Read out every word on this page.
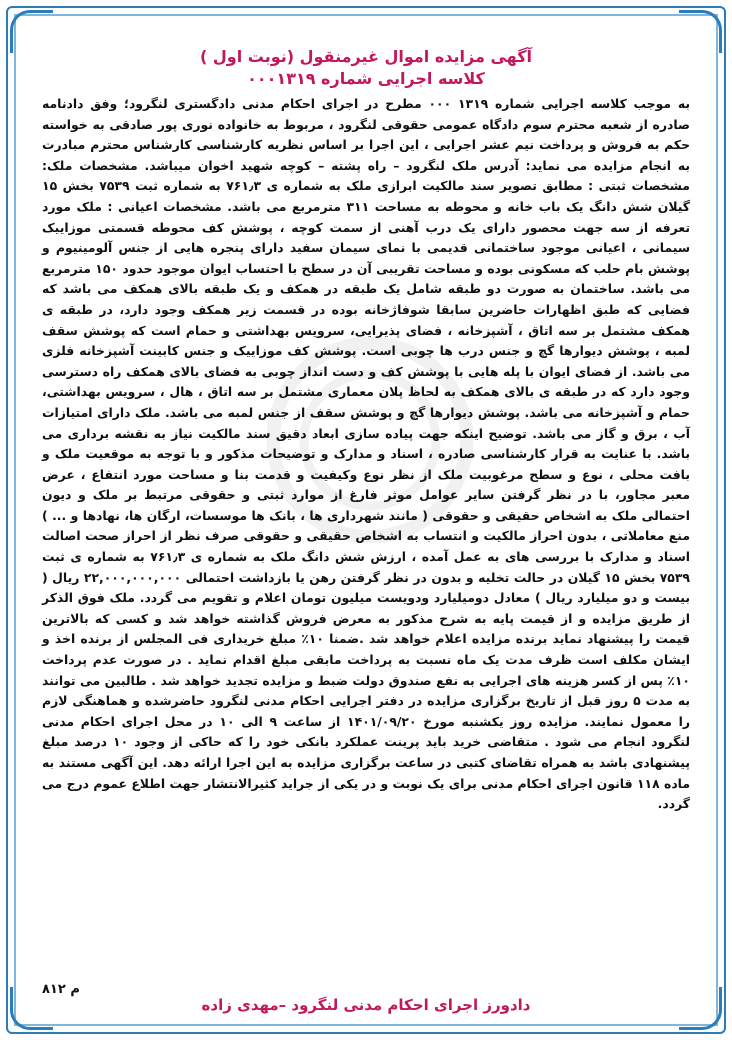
آگهی مزایده اموال غیرمنقول (نوبت اول )

کلاسه اجرایی شماره ۰۰۰۱۳۱۹

به موجب کلاسه اجرایی شماره ۱۳۱۹ ۰۰۰ مطرح در اجرای احکام مدنی دادگستری لنگرود؛ وفق دادنامه صادره از شعبه محترم سوم دادگاه عمومی حقوقی لنگرود ، مربوط به خانواده نوری پور صادقی به خواسته حکم به فروش و پرداخت نیم عشر اجرایی ، این اجرا بر اساس نظریه کارشناسی کارشناس محترم مبادرت به انجام مزایده می نماید: آدرس ملک لنگرود – راه پشته – کوچه شهید اخوان میباشد. مشخصات ملک: مشخصات ثبتی : مطابق تصویر سند مالکیت ابرازی ملک به شماره ی ۷۶۱٫۳ به شماره ثبت ۷۵۳۹ بخش ۱۵ گیلان شش دانگ یک باب خانه و محوطه به مساحت ۳۱۱ مترمربع می باشد. مشخصات اعیانی : ملک مورد تعرفه از سه جهت محصور دارای یک درب آهنی از سمت کوچه ، پوشش کف محوطه قسمتی موزاییک سیمانی ، اعیانی موجود ساختمانی قدیمی با نمای سیمان سفید دارای پنجره هایی از جنس آلومینیوم و پوشش بام حلب که مسکونی بوده و مساحت تقریبی آن در سطح با احتساب ایوان موجود حدود ۱۵۰ مترمربع می باشد. ساختمان به صورت دو طبقه شامل یک طبقه در همکف و یک طبقه بالای همکف می باشد که فضایی که طبق اظهارات حاضرین سابقا شوفاژخانه بوده در قسمت زیر همکف وجود دارد، در طبقه ی همکف مشتمل بر سه اتاق ، آشپزخانه ، فضای پذیرایی، سرویس بهداشتی و حمام است که پوشش سقف لمبه ، پوشش دیوارها گچ و جنس درب ها چوبی است. پوشش کف موزاییک و جنس کابینت آشپزخانه فلزی می باشد. از فضای ایوان با پله هایی با پوشش کف و دست انداز چوبی به فضای بالای همکف راه دسترسی وجود دارد که در طبقه ی بالای همکف به لحاظ پلان معماری مشتمل بر سه اتاق ، هال ، سرویس بهداشتی، حمام و آشپزخانه می باشد. پوشش دیوارها گچ و پوشش سقف از جنس لمبه می باشد. ملک دارای امتیازات آب ، برق و گاز می باشد. توضیح اینکه جهت پیاده سازی ابعاد دقیق سند مالکیت نیاز به نقشه برداری می باشد. با عنایت به قرار کارشناسی صادره ، اسناد و مدارک و توضیحات مذکور و با توجه به موقعیت ملک و بافت محلی ، نوع و سطح مرغوبیت ملک از نظر نوع وکیفیت و قدمت بنا و مساحت مورد انتفاع ، عرض معبر مجاور، با در نظر گرفتن سایر عوامل موثر فارغ از موارد ثبتی و حقوقی مرتبط بر ملک و دیون احتمالی ملک به اشخاص حقیقی و حقوقی ( مانند شهرداری ها ، بانک ها موسسات، ارگان ها، نهادها و ... ) منع معاملاتی ، بدون احراز مالکیت و انتساب به اشخاص حقیقی و حقوقی صرف نظر از احراز صحت اصالت اسناد و مدارک با بررسی های به عمل آمده ، ارزش شش دانگ ملک به شماره ی ۷۶۱٫۳ به شماره ی ثبت ۷۵۳۹ بخش ۱۵ گیلان در حالت تخلیه و بدون در نظر گرفتن رهن یا بازداشت احتمالی ۲۲,۰۰۰,۰۰۰,۰۰۰ ریال ( بیست و دو میلیارد ریال ) معادل دومیلیارد ودویست میلیون تومان اعلام و تقویم می گردد. ملک فوق الذکر از طریق مزایده و از قیمت پایه به شرح مذکور به معرض فروش گذاشته خواهد شد و کسی که بالاترین قیمت را پیشنهاد نماید برنده مزایده اعلام خواهد شد .ضمنا ۱۰٪ مبلغ خریداری فی المجلس از برنده اخذ و ایشان مکلف است ظرف مدت یک ماه نسبت به پرداخت مابقی مبلغ اقدام نماید . در صورت عدم پرداخت ۱۰٪ پس از کسر هزینه های اجرایی به نفع صندوق دولت ضبط و مزایده تجدید خواهد شد . طالبین می توانند به مدت ۵ روز قبل از تاریخ برگزاری مزایده در دفتر اجرایی احکام مدنی لنگرود حاضرشده و هماهنگی لازم را معمول نمایند. مزایده روز یکشنبه مورخ ۱۴۰۱/۰۹/۲۰ از ساعت ۹ الی ۱۰ در محل اجرای احکام مدنی لنگرود انجام می شود . متقاضی خرید باید پرینت عملکرد بانکی خود را که حاکی از وجود ۱۰ درصد مبلغ پیشنهادی باشد به همراه تقاضای کتبی در ساعت برگزاری مزایده به این اجرا ارائه دهد. این آگهی مستند به ماده ۱۱۸ قانون اجرای احکام مدنی برای یک نوبت و در یکی از جراید کثیرالانتشار جهت اطلاع عموم درج می گردد.
م ۸۱۲
دادورز اجرای احکام مدنی لنگرود –مهدی زاده
